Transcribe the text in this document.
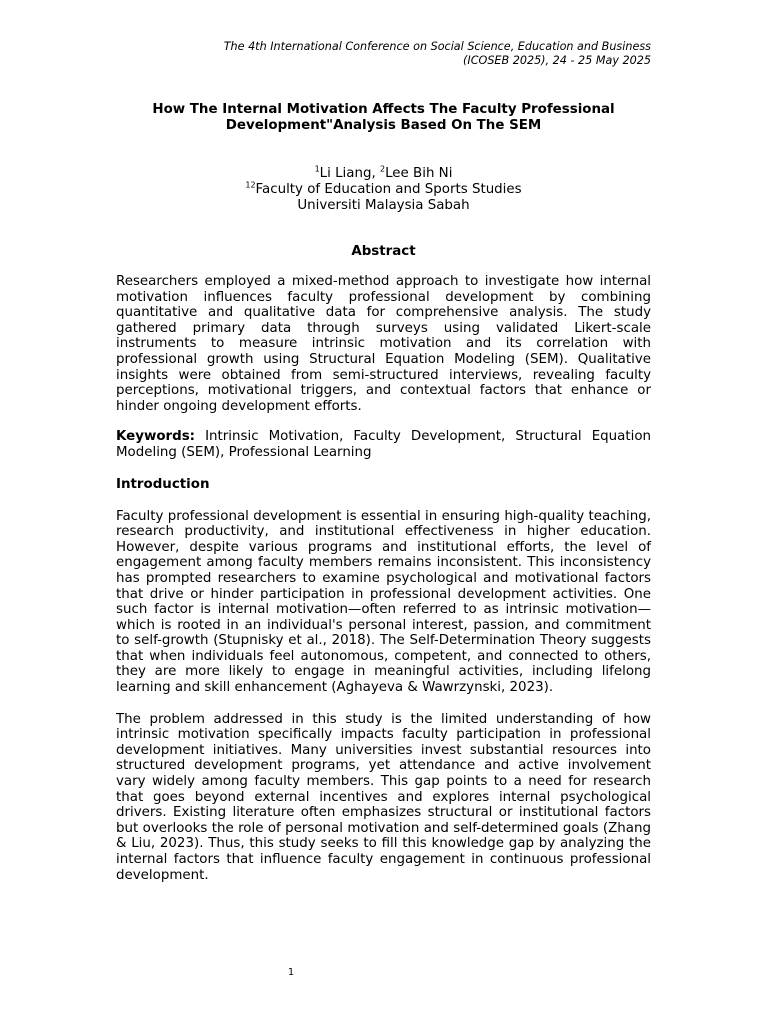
The 4th International Conference on Social Science, Education and Business
(ICOSEB 2025), 24 - 25 May 2025
How The Internal Motivation Affects The Faculty Professional
Development"Analysis Based On The SEM
$^1$Li Liang, $^2$Lee Bih Ni
$^{12}$Faculty of Education and Sports Studies
Universiti Malaysia Sabah
Abstract

Researchers employed a mixed-method approach to investigate how internal motivation influences faculty professional development by combining quantitative and qualitative data for comprehensive analysis. The study gathered primary data through surveys using validated Likert-scale instruments to measure intrinsic motivation and its correlation with professional growth using Structural Equation Modeling (SEM). Qualitative insights were obtained from semi-structured interviews, revealing faculty perceptions, motivational triggers, and contextual factors that enhance or hinder ongoing development efforts.

Keywords: Intrinsic Motivation, Faculty Development, Structural Equation Modeling (SEM), Professional Learning

Introduction

Faculty professional development is essential in ensuring high-quality teaching, research productivity, and institutional effectiveness in higher education. However, despite various programs and institutional efforts, the level of engagement among faculty members remains inconsistent. This inconsistency has prompted researchers to examine psychological and motivational factors that drive or hinder participation in professional development activities. One such factor is internal motivation—often referred to as intrinsic motivation—which is rooted in an individual's personal interest, passion, and commitment to self-growth (Stupnisky et al., 2018). The Self-Determination Theory suggests that when individuals feel autonomous, competent, and connected to others, they are more likely to engage in meaningful activities, including lifelong learning and skill enhancement (Aghayeva & Wawrzynski, 2023).

The problem addressed in this study is the limited understanding of how intrinsic motivation specifically impacts faculty participation in professional development initiatives. Many universities invest substantial resources into structured development programs, yet attendance and active involvement vary widely among faculty members. This gap points to a need for research that goes beyond external incentives and explores internal psychological drivers. Existing literature often emphasizes structural or institutional factors but overlooks the role of personal motivation and self-determined goals (Zhang & Liu, 2023). Thus, this study seeks to fill this knowledge gap by analyzing the internal factors that influence faculty engagement in continuous professional development.

1
